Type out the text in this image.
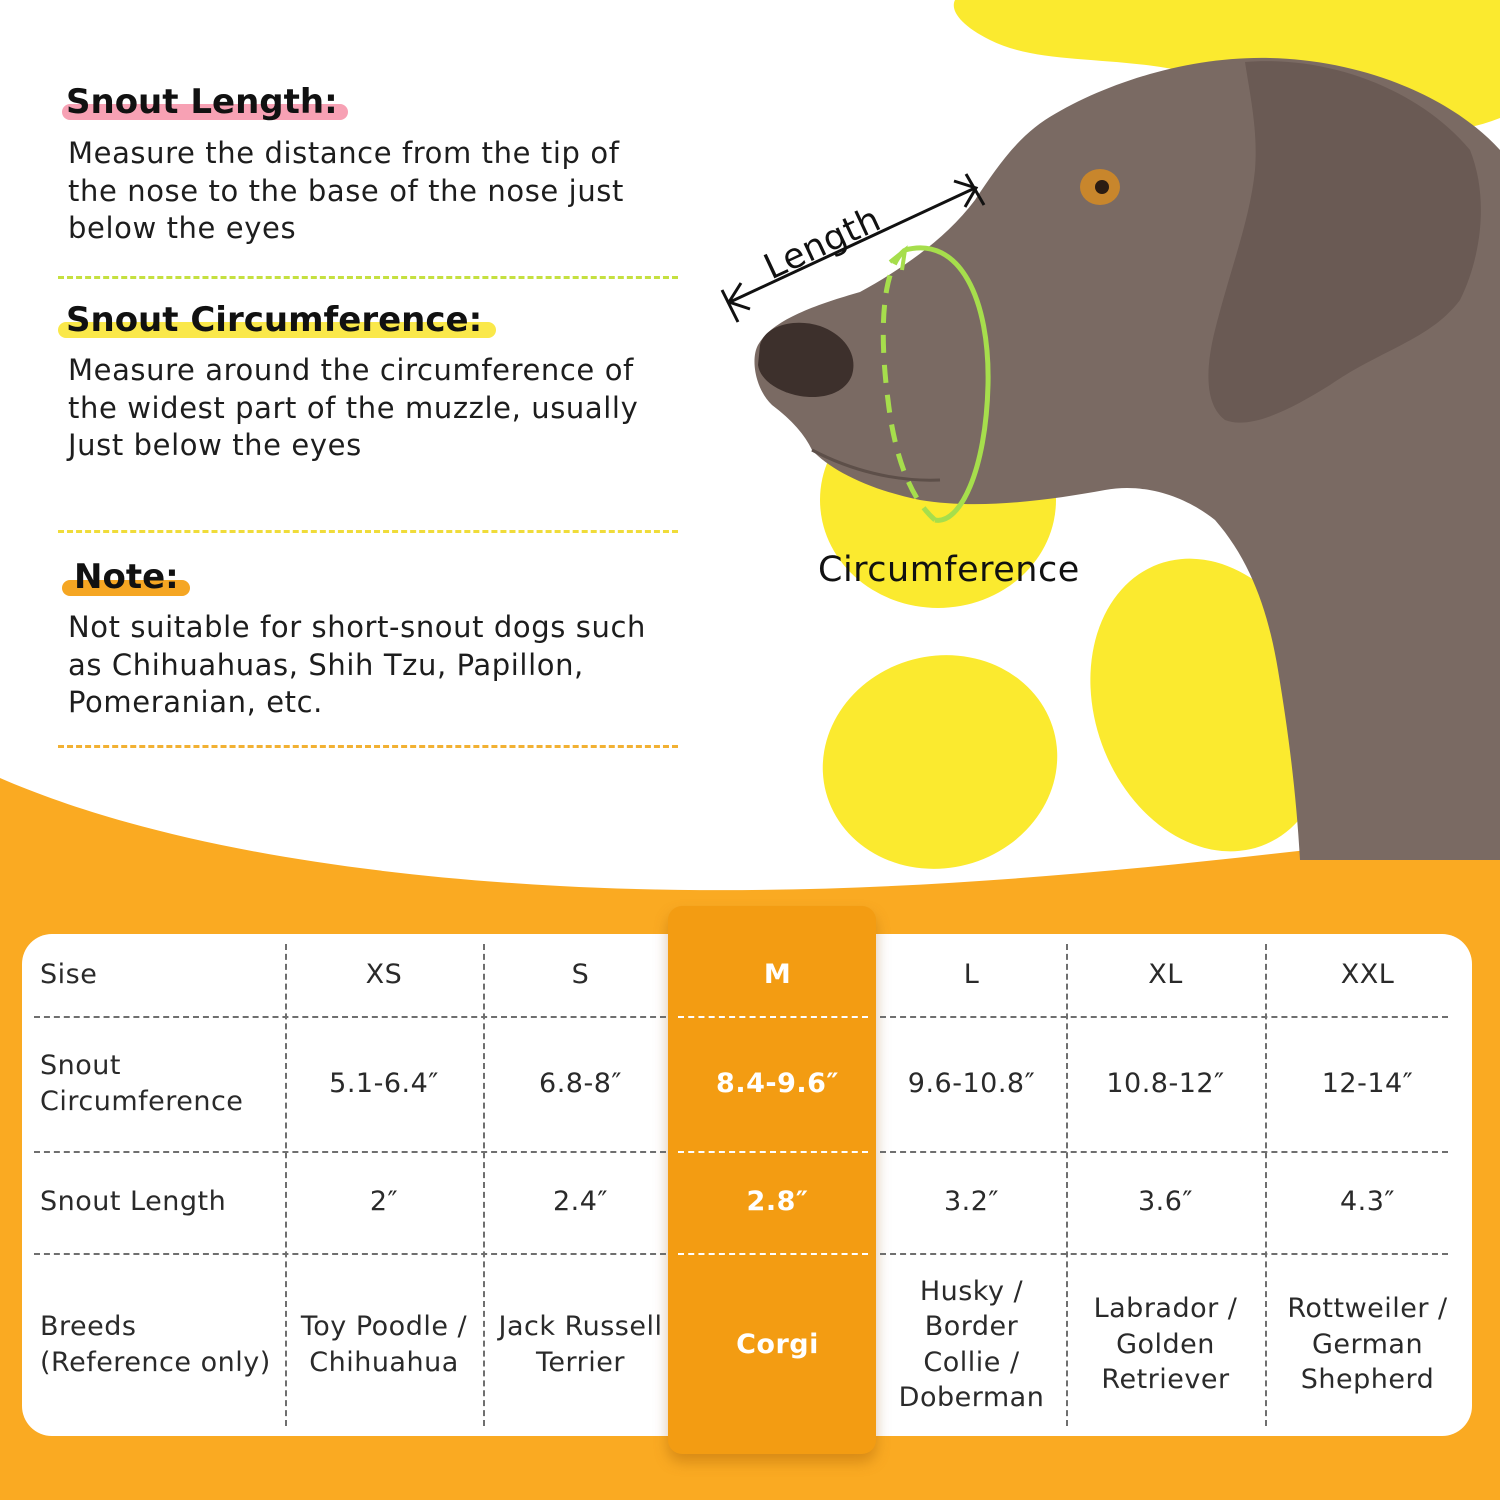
Snout Length:
Measure the distance from the tip of the nose to the base of the nose just below the eyes
Snout Circumference:
Measure around the circumference of the widest part of the muzzle, usually Just below the eyes
Note:
Not suitable for short-snout dogs such as Chihuahuas, Shih Tzu, Papillon, Pomeranian, etc.
Length
Circumference
Sise
Snout Circumference
Snout Length
Breeds (Reference only)
XS
5.1-6.4″
2″
Toy Poodle / Chihuahua
S
6.8-8″
2.4″
Jack Russell Terrier
M
8.4-9.6″
2.8″
Corgi
L
9.6-10.8″
3.2″
Husky / Border Collie / Doberman
XL
10.8-12″
3.6″
Labrador / Golden Retriever
XXL
12-14″
4.3″
Rottweiler / German Shepherd
